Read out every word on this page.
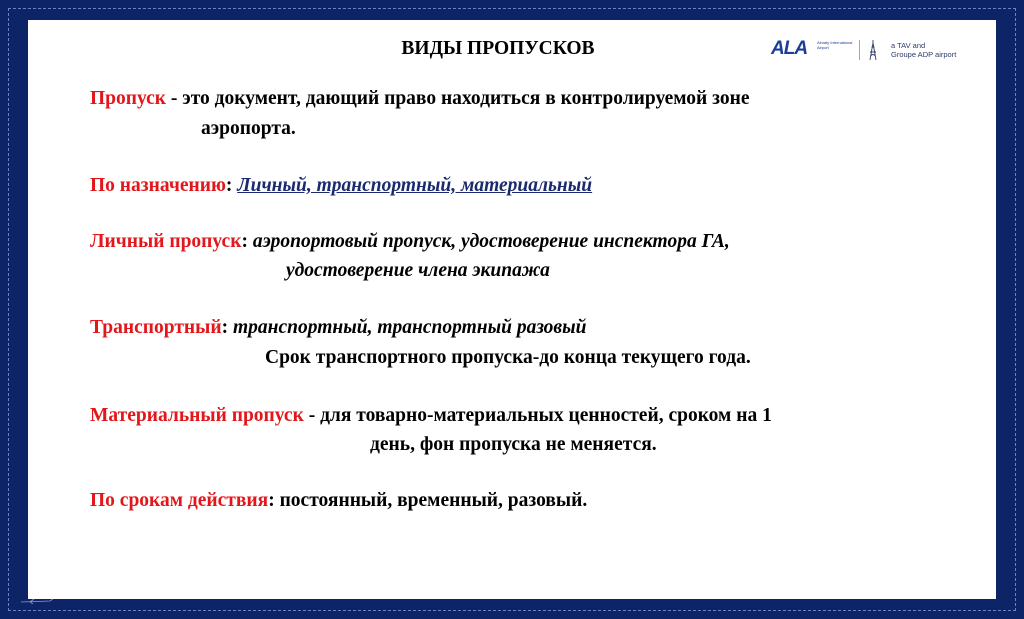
ВИДЫ ПРОПУСКОВ	ALA Almaty International Airport	a TAV and
Groupe ADP airport
Пропуск - это документ, дающий право находиться в контролируемой зоне
аэропорта.
По назначению: Личный, транспортный, материальный
Личный пропуск: аэропортовый пропуск, удостоверение инспектора ГА,
удостоверение члена экипажа
Транспортный: транспортный, транспортный разовый
Срок транспортного пропуска-до конца текущего года.
Материальный пропуск - для товарно-материальных ценностей, сроком на 1
день, фон пропуска не меняется.
По срокам действия: постоянный, временный, разовый.
